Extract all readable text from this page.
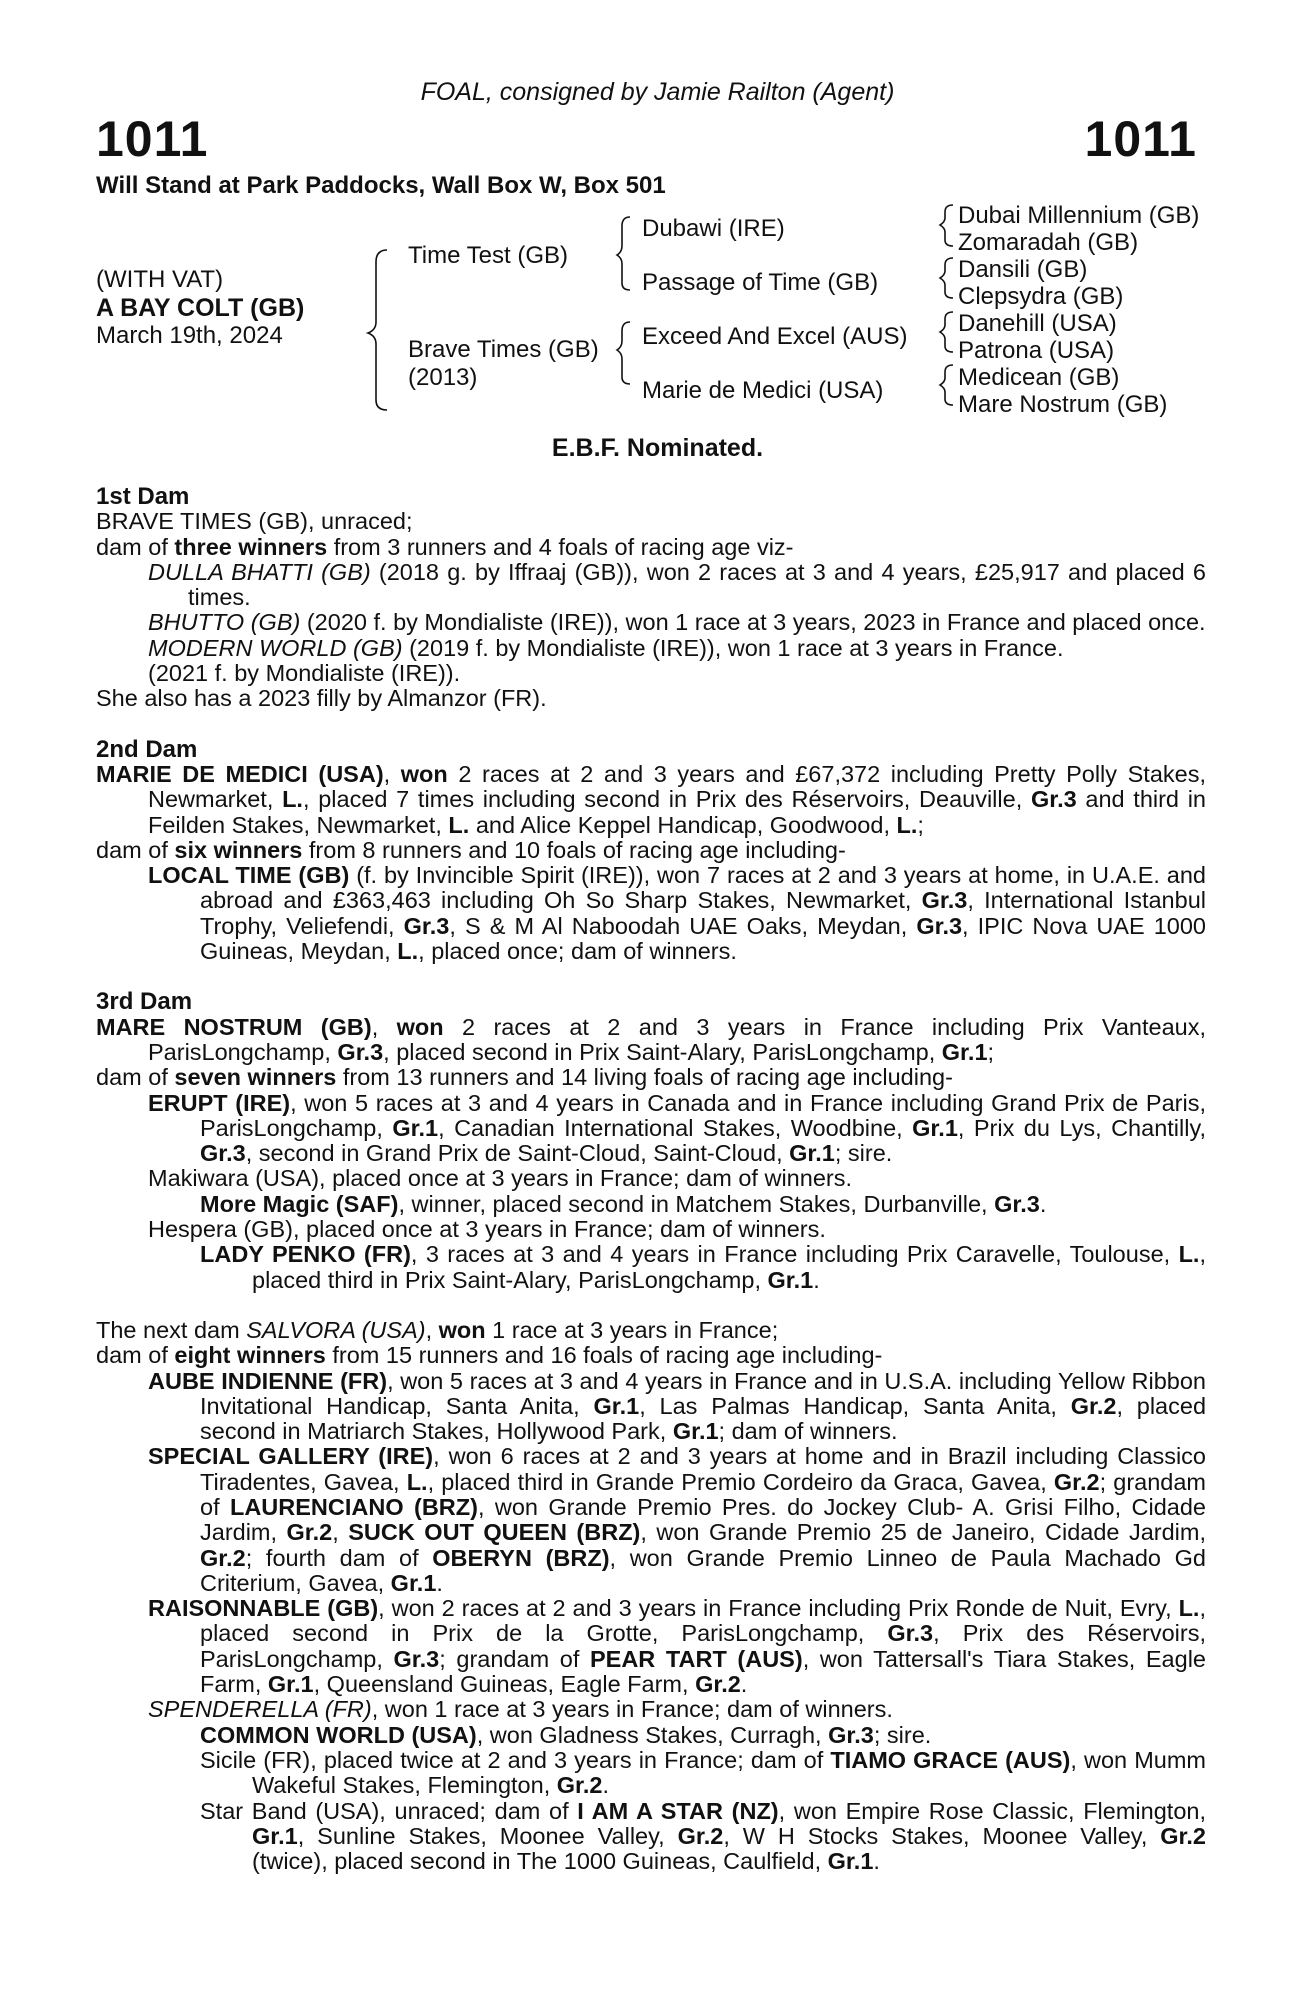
FOAL, consigned by Jamie Railton (Agent)
1011	1011
Will Stand at Park Paddocks, Wall Box W, Box 501
(WITH VAT)
A BAY COLT (GB)
March 19th, 2024
Time Test (GB)
Brave Times (GB)
(2013)
Dubawi (IRE)
Passage of Time (GB)
Exceed And Excel (AUS)
Marie de Medici (USA)
Dubai Millennium (GB)
Zomaradah (GB)
Dansili (GB)
Clepsydra (GB)
Danehill (USA)
Patrona (USA)
Medicean (GB)
Mare Nostrum (GB)
E.B.F. Nominated.
1st Dam
BRAVE TIMES (GB), unraced;
dam of three winners from 3 runners and 4 foals of racing age viz-
DULLA BHATTI (GB) (2018 g. by Iffraaj (GB)), won 2 races at 3 and 4 years, £25,917 and placed 6 times.
BHUTTO (GB) (2020 f. by Mondialiste (IRE)), won 1 race at 3 years, 2023 in France and placed once.
MODERN WORLD (GB) (2019 f. by Mondialiste (IRE)), won 1 race at 3 years in France.
(2021 f. by Mondialiste (IRE)).
She also has a 2023 filly by Almanzor (FR).
2nd Dam
MARIE DE MEDICI (USA), won 2 races at 2 and 3 years and £67,372 including Pretty Polly Stakes, Newmarket, L., placed 7 times including second in Prix des Réservoirs, Deauville, Gr.3 and third in Feilden Stakes, Newmarket, L. and Alice Keppel Handicap, Goodwood, L.;
dam of six winners from 8 runners and 10 foals of racing age including-
LOCAL TIME (GB) (f. by Invincible Spirit (IRE)), won 7 races at 2 and 3 years at home, in U.A.E. and abroad and £363,463 including Oh So Sharp Stakes, Newmarket, Gr.3, International Istanbul Trophy, Veliefendi, Gr.3, S & M Al Naboodah UAE Oaks, Meydan, Gr.3, IPIC Nova UAE 1000 Guineas, Meydan, L., placed once; dam of winners.
3rd Dam
MARE NOSTRUM (GB), won 2 races at 2 and 3 years in France including Prix Vanteaux, ParisLongchamp, Gr.3, placed second in Prix Saint-Alary, ParisLongchamp, Gr.1;
dam of seven winners from 13 runners and 14 living foals of racing age including-
ERUPT (IRE), won 5 races at 3 and 4 years in Canada and in France including Grand Prix de Paris, ParisLongchamp, Gr.1, Canadian International Stakes, Woodbine, Gr.1, Prix du Lys, Chantilly, Gr.3, second in Grand Prix de Saint-Cloud, Saint-Cloud, Gr.1; sire.
Makiwara (USA), placed once at 3 years in France; dam of winners.
More Magic (SAF), winner, placed second in Matchem Stakes, Durbanville, Gr.3.
Hespera (GB), placed once at 3 years in France; dam of winners.
LADY PENKO (FR), 3 races at 3 and 4 years in France including Prix Caravelle, Toulouse, L., placed third in Prix Saint-Alary, ParisLongchamp, Gr.1.
The next dam SALVORA (USA), won 1 race at 3 years in France;
dam of eight winners from 15 runners and 16 foals of racing age including-
AUBE INDIENNE (FR), won 5 races at 3 and 4 years in France and in U.S.A. including Yellow Ribbon Invitational Handicap, Santa Anita, Gr.1, Las Palmas Handicap, Santa Anita, Gr.2, placed second in Matriarch Stakes, Hollywood Park, Gr.1; dam of winners.
SPECIAL GALLERY (IRE), won 6 races at 2 and 3 years at home and in Brazil including Classico Tiradentes, Gavea, L., placed third in Grande Premio Cordeiro da Graca, Gavea, Gr.2; grandam of LAURENCIANO (BRZ), won Grande Premio Pres. do Jockey Club- A. Grisi Filho, Cidade Jardim, Gr.2, SUCK OUT QUEEN (BRZ), won Grande Premio 25 de Janeiro, Cidade Jardim, Gr.2; fourth dam of OBERYN (BRZ), won Grande Premio Linneo de Paula Machado Gd Criterium, Gavea, Gr.1.
RAISONNABLE (GB), won 2 races at 2 and 3 years in France including Prix Ronde de Nuit, Evry, L., placed second in Prix de la Grotte, ParisLongchamp, Gr.3, Prix des Réservoirs, ParisLongchamp, Gr.3; grandam of PEAR TART (AUS), won Tattersall's Tiara Stakes, Eagle Farm, Gr.1, Queensland Guineas, Eagle Farm, Gr.2.
SPENDERELLA (FR), won 1 race at 3 years in France; dam of winners.
COMMON WORLD (USA), won Gladness Stakes, Curragh, Gr.3; sire.
Sicile (FR), placed twice at 2 and 3 years in France; dam of TIAMO GRACE (AUS), won Mumm Wakeful Stakes, Flemington, Gr.2.
Star Band (USA), unraced; dam of I AM A STAR (NZ), won Empire Rose Classic, Flemington, Gr.1, Sunline Stakes, Moonee Valley, Gr.2, W H Stocks Stakes, Moonee Valley, Gr.2 (twice), placed second in The 1000 Guineas, Caulfield, Gr.1.
